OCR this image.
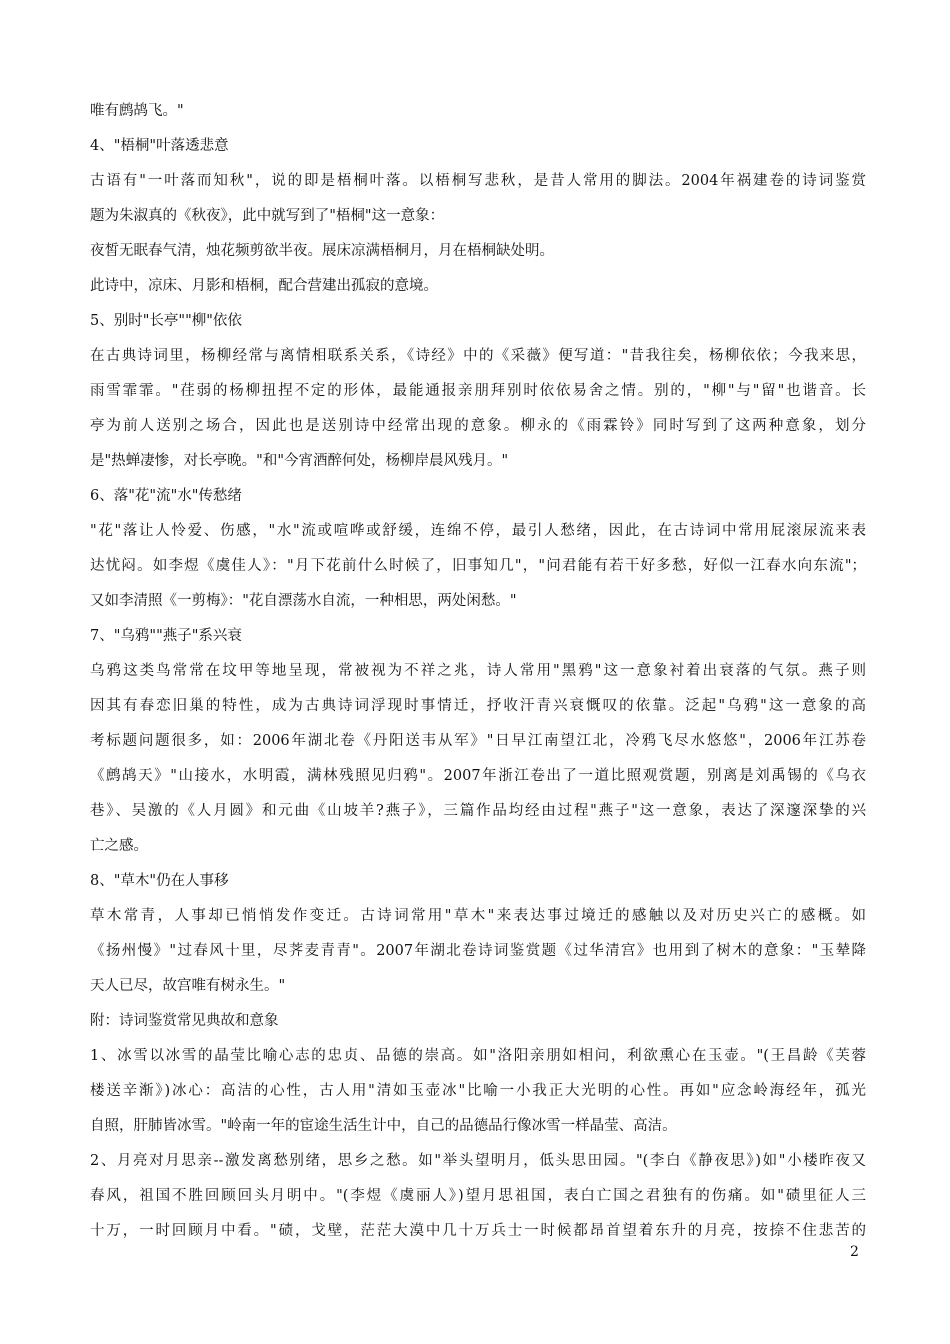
唯有鹧鸪飞。"
4、"梧桐"叶落透悲意
古语有"一叶落而知秋"，说的即是梧桐叶落。以梧桐写悲秋，是昔人常用的脚法。2004年祸建卷的诗词鉴赏
题为朱淑真的《秋夜》，此中就写到了"梧桐"这一意象：
夜皙无眠春气清，烛花频剪欲半夜。展床凉满梧桐月，月在梧桐缺处明。
此诗中，凉床、月影和梧桐，配合营建出孤寂的意境。
5、别时"长亭""柳"依依
在古典诗词里，杨柳经常与离情相联系关系，《诗经》中的《采薇》便写道："昔我往矣，杨柳依依；今我来思，
雨雪霏霏。"荏弱的杨柳扭捏不定的形体，最能通报亲朋拜别时依依易舍之情。别的，"柳"与"留"也谐音。长
亭为前人送别之场合，因此也是送别诗中经常出现的意象。柳永的《雨霖铃》同时写到了这两种意象，划分
是"热蝉凄惨，对长亭晚。"和"今宵酒醉何处，杨柳岸晨风残月。"
6、落"花"流"水"传愁绪
"花"落让人怜爱、伤感，"水"流或喧哗或舒缓，连绵不停，最引人愁绪，因此，在古诗词中常用屁滚尿流来表
达忧闷。如李煜《虞佳人》："月下花前什么时候了，旧事知几"，"问君能有若干好多愁，好似一江春水向东流"；
又如李清照《一剪梅》："花自漂荡水自流，一种相思，两处闲愁。"
7、"乌鸦""燕子"系兴衰
乌鸦这类鸟常常在坟甲等地呈现，常被视为不祥之兆，诗人常用"黑鸦"这一意象衬着出衰落的气氛。燕子则
因其有春恋旧巢的特性，成为古典诗词浮现时事情迁，抒收汗青兴衰慨叹的依靠。泛起"乌鸦"这一意象的高
考标题问题很多，如：2006年湖北卷《丹阳送韦从军》"日早江南望江北，冷鸦飞尽水悠悠"，2006年江苏卷
《鹧鸪天》"山接水，水明霞，满林残照见归鸦"。2007年浙江卷出了一道比照观赏题，别离是刘禹锡的《乌衣
巷》、吴激的《人月圆》和元曲《山坡羊?燕子》，三篇作品均经由过程"燕子"这一意象，表达了深邃深挚的兴
亡之感。
8、"草木"仍在人事移
草木常青，人事却已悄悄发作变迁。古诗词常用"草木"来表达事过境迁的感触以及对历史兴亡的感概。如
《扬州慢》"过春风十里，尽荠麦青青"。2007年湖北卷诗词鉴赏题《过华清宫》也用到了树木的意象："玉辇降
天人已尽，故宫唯有树永生。"
附：诗词鉴赏常见典故和意象
1、冰雪以冰雪的晶莹比喻心志的忠贞、品德的崇高。如"洛阳亲朋如相问，利欲熏心在玉壶。"(王昌龄《芙蓉
楼送辛渐》)冰心：高洁的心性，古人用"清如玉壶冰"比喻一小我正大光明的心性。再如"应念岭海经年，孤光
自照，肝肺皆冰雪。"岭南一年的宦途生活生计中，自己的品德品行像冰雪一样晶莹、高洁。
2、月亮对月思亲--激发离愁别绪，思乡之愁。如"举头望明月，低头思田园。"(李白《静夜思》)如"小楼昨夜又
春风，祖国不胜回顾回头月明中。"(李煜《虞丽人》)望月思祖国，表白亡国之君独有的伤痛。如"碛里征人三
十万，一时回顾月中看。"碛，戈壁，茫茫大漠中几十万兵士一时候都昂首望着东升的月亮，按捺不住悲苦的
2
